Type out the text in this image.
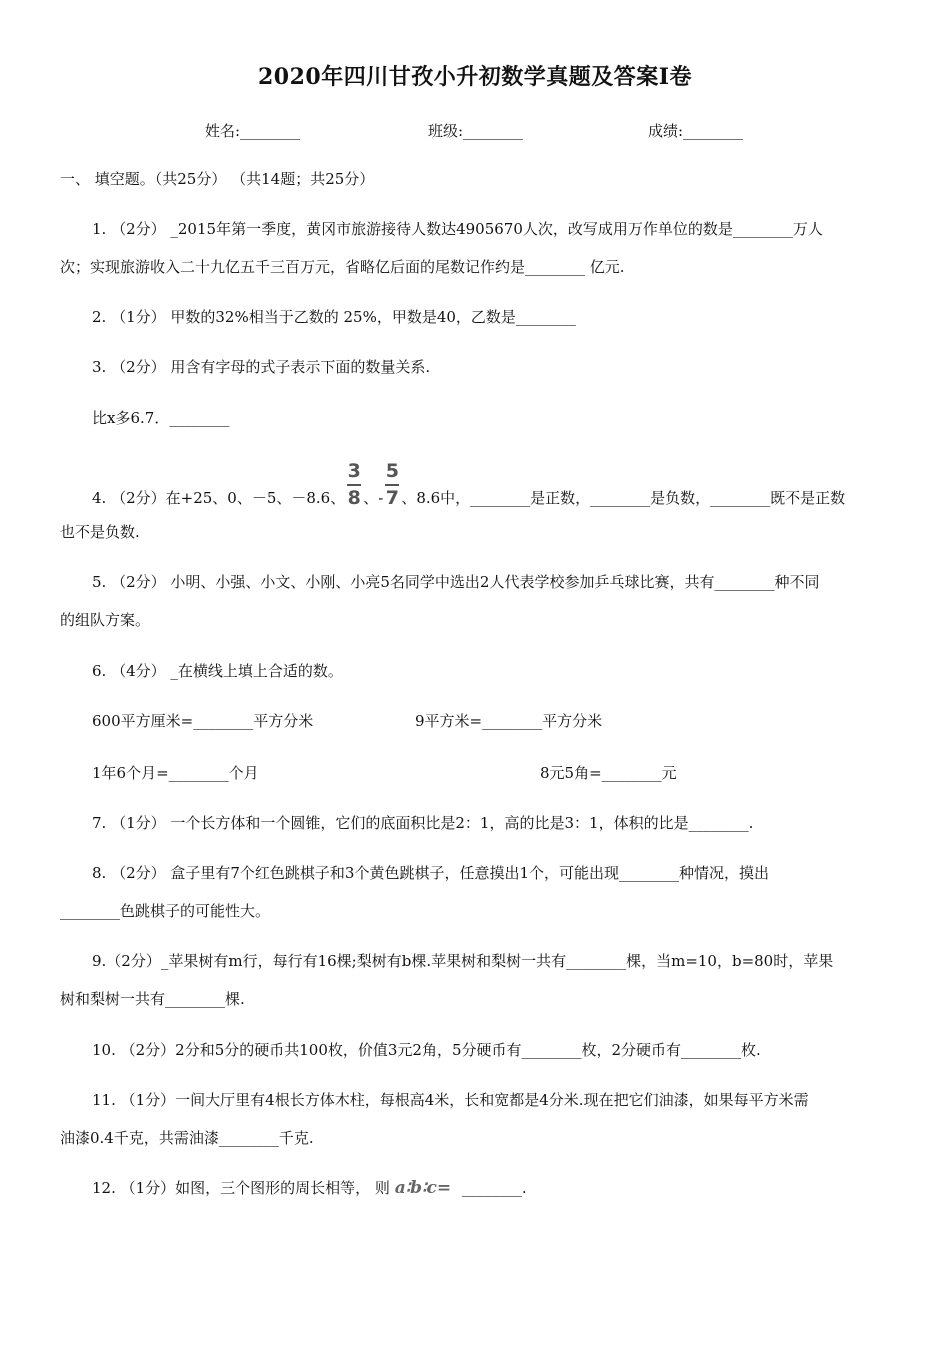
2020年四川甘孜小升初数学真题及答案Ⅰ卷
姓名:________	班级:________	成绩:________
一、 填空题。（共25分） （共14题；共25分）
1. （2分） _2015年第一季度，黄冈市旅游接待人数达4905670人次，改写成用万作单位的数是________万人
次；实现旅游收入二十九亿五千三百万元，省略亿后面的尾数记作约是________ 亿元.
2. （1分） 甲数的32%相当于乙数的 25%，甲数是40，乙数是________
3. （2分） 用含有字母的式子表示下面的数量关系.
比x多6.7．________
4. （2分）在+25、0、－5、－8.6、 $\frac{3}{8}$ 、- $\frac{5}{7}$ 、8.6中，________是正数，________是负数，________既不是正数
也不是负数.
5. （2分） 小明、小强、小文、小刚、小亮5名同学中选出2人代表学校参加乒乓球比赛，共有________种不同
的组队方案。
6. （4分） _在横线上填上合适的数。
600平方厘米=________平方分米	9平方米=________平方分米
1年6个月=________个月	8元5角=________元
7. （1分） 一个长方体和一个圆锥，它们的底面积比是2：1，高的比是3：1，体积的比是________.
8. （2分） 盒子里有7个红色跳棋子和3个黄色跳棋子，任意摸出1个，可能出现________种情况，摸出
________色跳棋子的可能性大。
9.（2分）_苹果树有m行，每行有16棵;梨树有b棵.苹果树和梨树一共有________棵，当m=10，b=80时，苹果
树和梨树一共有________棵.
10. （2分）2分和5分的硬币共100枚，价值3元2角，5分硬币有________枚，2分硬币有________枚.
11. （1分）一间大厅里有4根长方体木柱，每根高4米，长和宽都是4分米.现在把它们油漆，如果每平方米需
油漆0.4千克，共需油漆________千克.
12. （1分）如图，三个图形的周长相等， 则 a∶b∶c= ________.
